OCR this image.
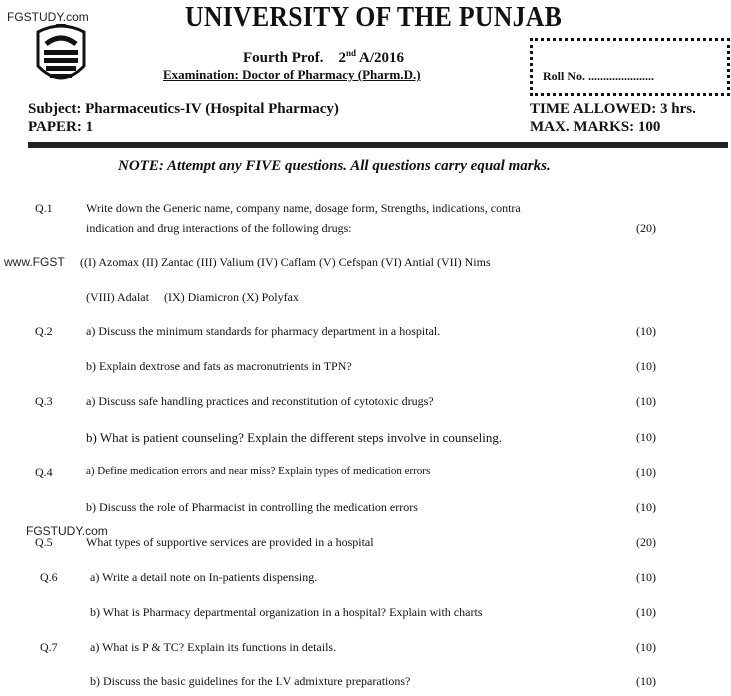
FGSTUDY.com	UNIVERSITY OF THE PUNJAB
Fourth Prof. 2nd A/2016
Examination: Doctor of Pharmacy (Pharm.D.)	Roll No. ......................
Subject: Pharmaceutics-IV (Hospital Pharmacy)
PAPER: 1
TIME ALLOWED: 3 hrs.
MAX. MARKS: 100
NOTE: Attempt any FIVE questions. All questions carry equal marks.
www.FGST
FGSTUDY.com
Q.1	Write down the Generic name, company name, dosage form, Strengths, indications, contra
indication and drug interactions of the following drugs:	(20)
((I) Azomax (II) Zantac (III) Valium (IV) Caflam (V) Cefspan (VI) Antial (VII) Nims
(VIII) Adalat     (IX) Diamicron (X) Polyfax
Q.2	a) Discuss the minimum standards for pharmacy department in a hospital.	(10)
b) Explain dextrose and fats as macronutrients in TPN?	(10)
Q.3	a) Discuss safe handling practices and reconstitution of cytotoxic drugs?	(10)
b) What is patient counseling? Explain the different steps involve in counseling.	(10)
Q.4	a) Define medication errors and near miss? Explain types of medication errors	(10)
b) Discuss the role of Pharmacist in controlling the medication errors	(10)
Q.5	What types of supportive services are provided in a hospital	(20)
Q.6	a) Write a detail note on In-patients dispensing.	(10)
b) What is Pharmacy departmental organization in a hospital? Explain with charts	(10)
Q.7	a) What is P & TC? Explain its functions in details.	(10)
b) Discuss the basic guidelines for the I.V admixture preparations?	(10)
